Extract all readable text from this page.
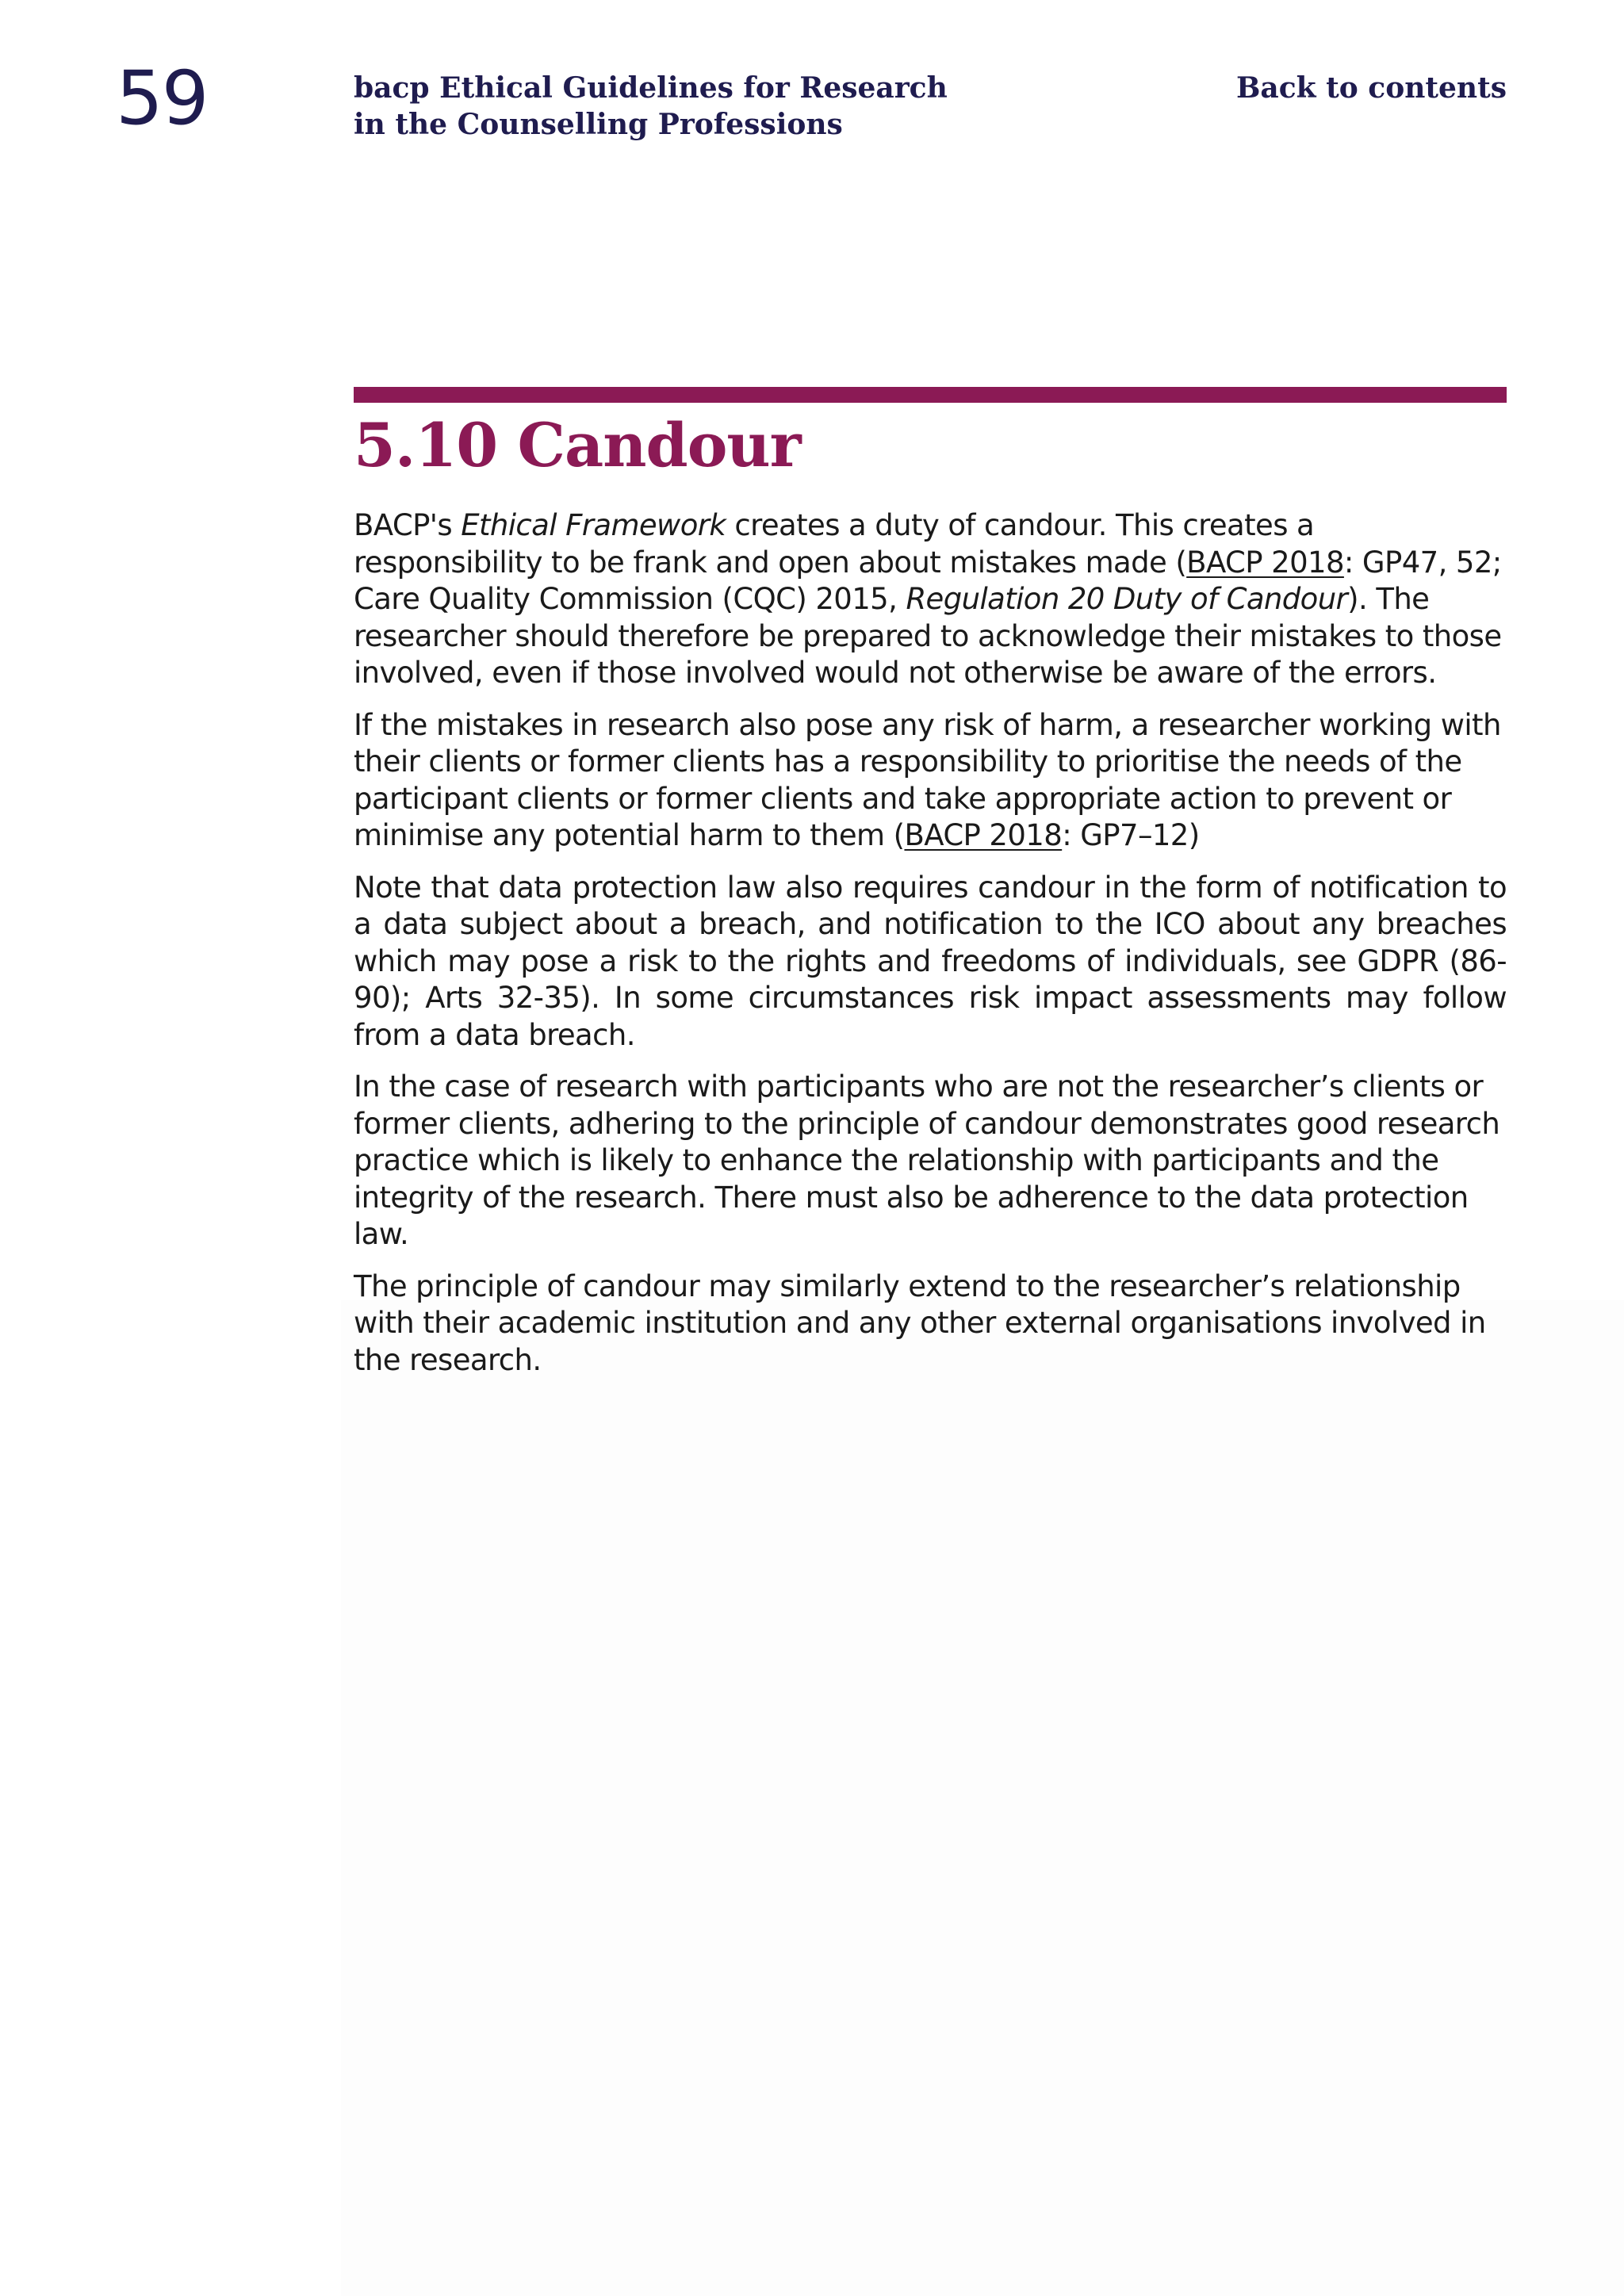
59	bacp Ethical Guidelines for Research
in the Counselling Professions
Back to contents
5.10 Candour

BACP's Ethical Framework creates a duty of candour. This creates a responsibility to be frank and open about mistakes made (BACP 2018: GP47, 52; Care Quality Commission (CQC) 2015, Regulation 20 Duty of Candour). The researcher should therefore be prepared to acknowledge their mistakes to those involved, even if those involved would not otherwise be aware of the errors.

If the mistakes in research also pose any risk of harm, a researcher working with their clients or former clients has a responsibility to prioritise the needs of the participant clients or former clients and take appropriate action to prevent or minimise any potential harm to them (BACP 2018: GP7–12)

Note that data protection law also requires candour in the form of notification to a data subject about a breach, and notification to the ICO about any breaches which may pose a risk to the rights and freedoms of individuals, see GDPR (86-90); Arts 32-35). In some circumstances risk impact assessments may follow from a data breach.

In the case of research with participants who are not the researcher’s clients or former clients, adhering to the principle of candour demonstrates good research practice which is likely to enhance the relationship with participants and the integrity of the research. There must also be adherence to the data protection law.

The principle of candour may similarly extend to the researcher’s relationship with their academic institution and any other external organisations involved in the research.
